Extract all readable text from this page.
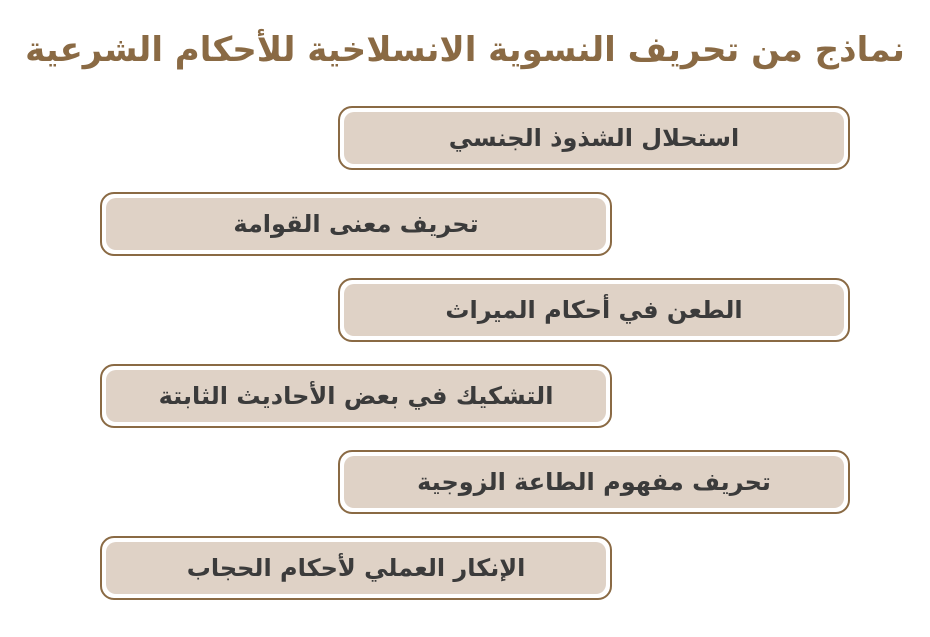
نماذج من تحريف النسوية الانسلاخية للأحكام الشرعية
استحلال الشذوذ الجنسي
تحريف معنى القوامة
الطعن في أحكام الميراث
التشكيك في بعض الأحاديث الثابتة
تحريف مفهوم الطاعة الزوجية
الإنكار العملي لأحكام الحجاب
